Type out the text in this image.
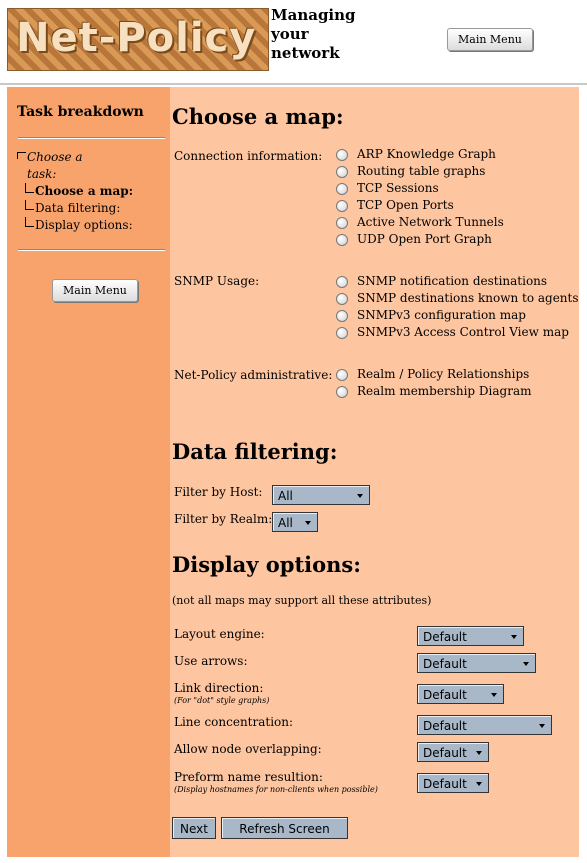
Net-Policy Managing
your
network
Main Menu
Task breakdown
Choose a task:
Choose a map:
Data filtering:
Display options:
Main Menu
Choose a map:
Connection information:	ARP Knowledge Graph
Routing table graphs
TCP Sessions
TCP Open Ports
Active Network Tunnels
UDP Open Port Graph
SNMP Usage:	SNMP notification destinations
SNMP destinations known to agents
SNMPv3 configuration map
SNMPv3 Access Control View map
Net-Policy administrative: Realm / Policy Relationships
Realm membership Diagram
Data filtering:
Filter by Host:	All
Filter by Realm: All
Display options:
(not all maps may support all these attributes)
Layout engine:	Default
Use arrows:	Default
Link direction:
(For "dot" style graphs)	Default
Line concentration:	Default
Allow node overlapping:	Default
Preform name resultion:
(Display hostnames for non-clients when possible)	Default
Next	Refresh Screen
